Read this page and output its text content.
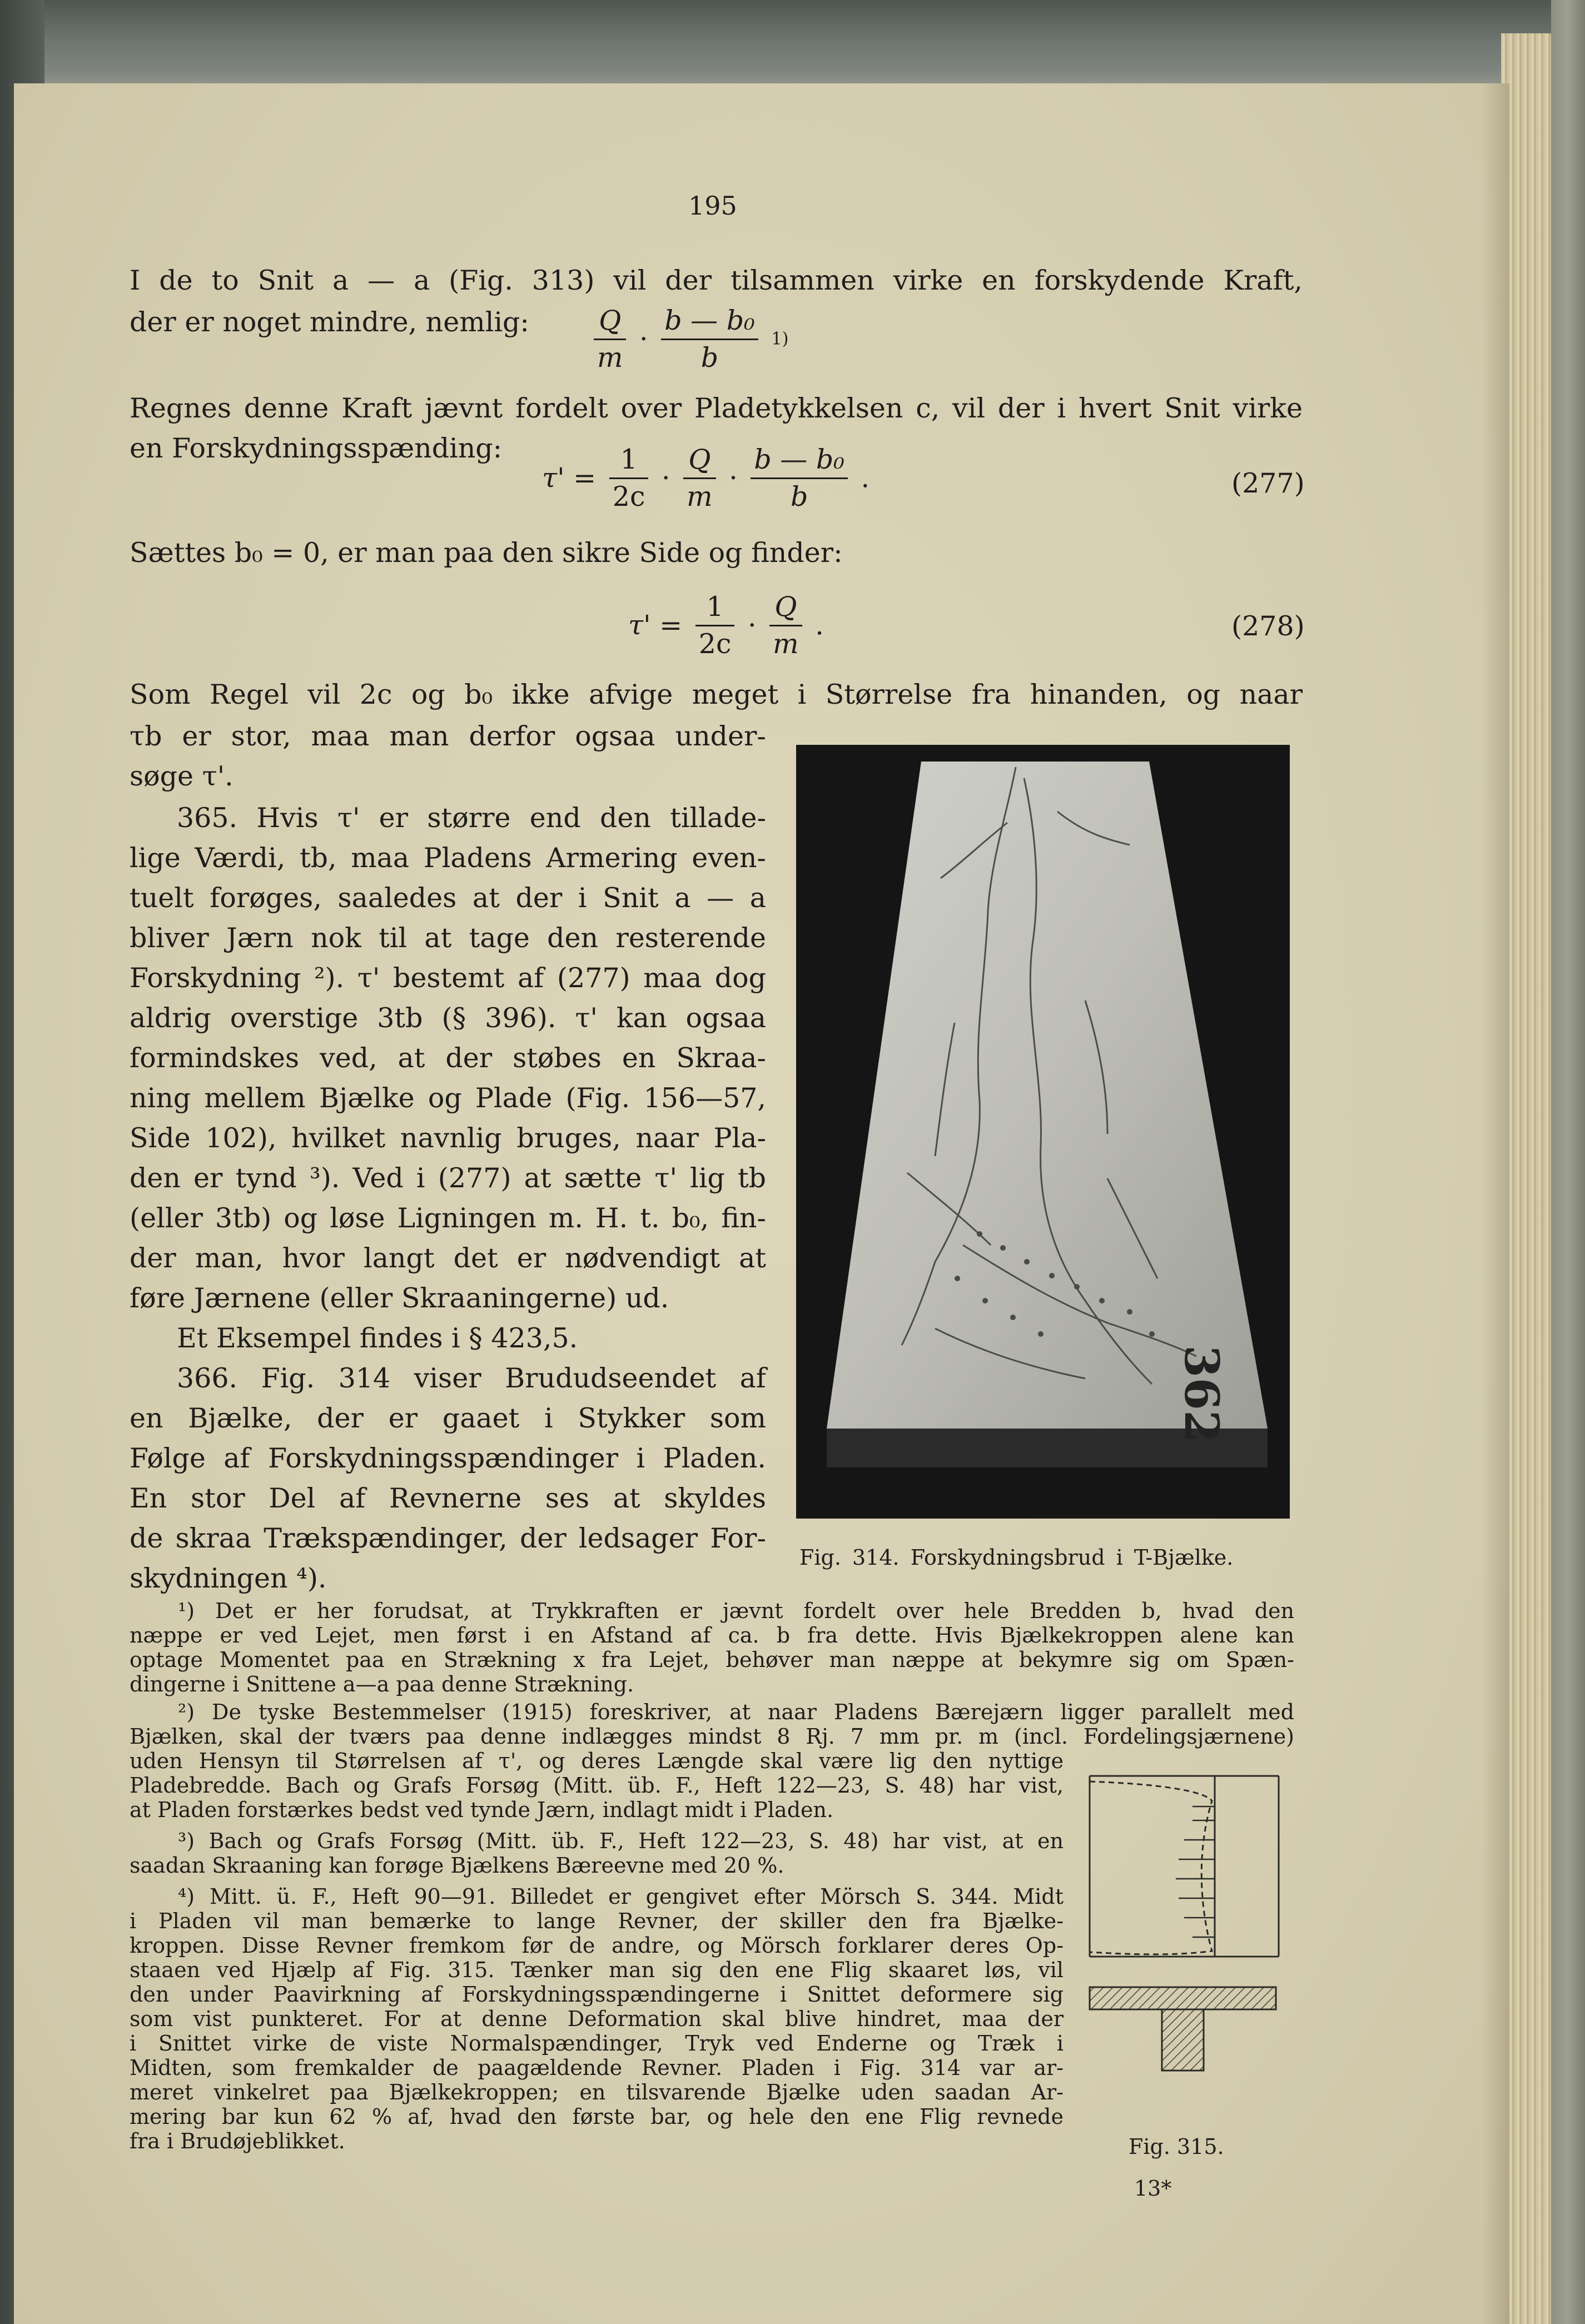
195
I de to Snit a — a (Fig. 313) vil der tilsammen virke en forskydende Kraft,
der er noget mindre, nemlig: $\frac{Q}{m} \cdot \frac{\text{b — b₀}}{b} 1$)
Regnes denne Kraft jævnt fordelt over Pladetykkelsen c, vil der i hvert Snit virke
en Forskydningsspænding:
$\tau' = \frac{1}{2c} \cdot \frac{Q}{m} \cdot \frac{\text{b — b₀}}{b}$ .	(277)
Sættes b₀ = 0, er man paa den sikre Side og finder:
$\tau' = \frac{1}{2c} \cdot \frac{Q}{m}$ .	(278)
Som Regel vil 2c og b₀ ikke afvige meget i Størrelse fra hinanden, og naar
τb er stor, maa man derfor ogsaa under-
søge τ'.
365. Hvis τ' er større end den tillade-
lige Værdi, tb, maa Pladens Armering even-
tuelt forøges, saaledes at der i Snit a — a
bliver Jærn nok til at tage den resterende
Forskydning ²). τ' bestemt af (277) maa dog
aldrig overstige 3tb (§ 396). τ' kan ogsaa
formindskes ved, at der støbes en Skraa-
ning mellem Bjælke og Plade (Fig. 156—57,
Side 102), hvilket navnlig bruges, naar Pla-
den er tynd ³). Ved i (277) at sætte τ' lig tb
(eller 3tb) og løse Ligningen m. H. t. b₀, fin-
der man, hvor langt det er nødvendigt at
føre Jærnene (eller Skraaningerne) ud.
Et Eksempel findes i § 423,5.
366. Fig. 314 viser Brududseendet af
en Bjælke, der er gaaet i Stykker som
Følge af Forskydningsspændinger i Pladen.
En stor Del af Revnerne ses at skyldes
de skraa Trækspændinger, der ledsager For-
skydningen ⁴).
362
Fig. 314. Forskydningsbrud i T-Bjælke.
¹) Det er her forudsat, at Trykkraften er jævnt fordelt over hele Bredden b, hvad den
næppe er ved Lejet, men først i en Afstand af ca. b fra dette. Hvis Bjælkekroppen alene kan
optage Momentet paa en Strækning x fra Lejet, behøver man næppe at bekymre sig om Spæn-
dingerne i Snittene a—a paa denne Strækning.
²) De tyske Bestemmelser (1915) foreskriver, at naar Pladens Bærejærn ligger parallelt med
Bjælken, skal der tværs paa denne indlægges mindst 8 Rj. 7 mm pr. m (incl. Fordelingsjærnene)
uden Hensyn til Størrelsen af τ', og deres Længde skal være lig den nyttige
Pladebredde. Bach og Grafs Forsøg (Mitt. üb. F., Heft 122—23, S. 48) har vist,
at Pladen forstærkes bedst ved tynde Jærn, indlagt midt i Pladen.
³) Bach og Grafs Forsøg (Mitt. üb. F., Heft 122—23, S. 48) har vist, at en
saadan Skraaning kan forøge Bjælkens Bæreevne med 20 %.
⁴) Mitt. ü. F., Heft 90—91. Billedet er gengivet efter Mörsch S. 344. Midt
i Pladen vil man bemærke to lange Revner, der skiller den fra Bjælke-
kroppen. Disse Revner fremkom før de andre, og Mörsch forklarer deres Op-
staaen ved Hjælp af Fig. 315. Tænker man sig den ene Flig skaaret løs, vil
den under Paavirkning af Forskydningsspændingerne i Snittet deformere sig
som vist punkteret. For at denne Deformation skal blive hindret, maa der
i Snittet virke de viste Normalspændinger, Tryk ved Enderne og Træk i
Midten, som fremkalder de paagældende Revner. Pladen i Fig. 314 var ar-
meret vinkelret paa Bjælkekroppen; en tilsvarende Bjælke uden saadan Ar-
mering bar kun 62 % af, hvad den første bar, og hele den ene Flig revnede
fra i Brudøjeblikket.	Fig. 315.
13*
